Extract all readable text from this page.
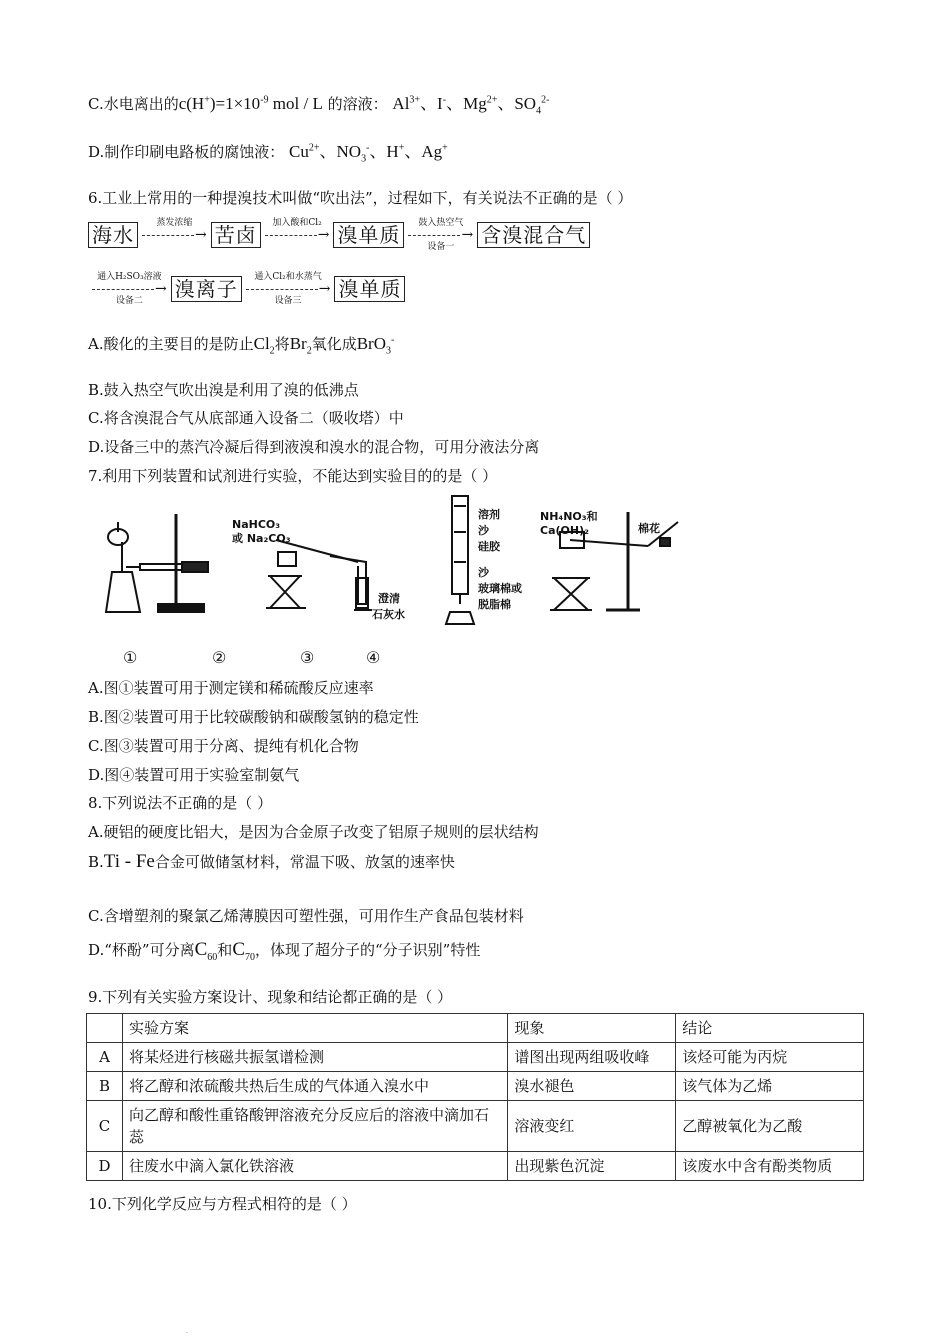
C.水电离出的$c(H^+)=1\times 10^{-9}$ mol / L 的溶液： $Al^{3+}$、I-、$Mg^{2+}$、$SO_4^{2-}$
D.制作印刷电路板的腐蚀液： $Cu^{2+}$、$NO_3^-$、H+、Ag+
6.工业上常用的一种提溴技术叫做“吹出法”，过程如下，有关说法不正确的是（ ）
海水	蒸发浓缩
→ 苦卤	加入酸和Cl₂
→ 溴单质	鼓入热空气
→
设备一 含溴混合气
通入H₂SO₃溶液
→
设备二 溴离子	通入Cl₂和水蒸气
→
设备三 溴单质
A.酸化的主要目的是防止$Cl_2$将$Br_2$氧化成BrO$_3$-
B.鼓入热空气吹出溴是利用了溴的低沸点
C.将含溴混合气从底部通入设备二（吸收塔）中
D.设备三中的蒸汽冷凝后得到液溴和溴水的混合物，可用分液法分离
7.利用下列装置和试剂进行实验，不能达到实验目的的是（ ）
NaHCO₃
或 Na₂CO₃
澄清
石灰水
溶剂
沙
硅胶
沙
玻璃棉或
脱脂棉
NH₄NO₃和
Ca(OH)₂	棉花
①	②	③	④
A.图①装置可用于测定镁和稀硫酸反应速率
B.图②装置可用于比较碳酸钠和碳酸氢钠的稳定性
C.图③装置可用于分离、提纯有机化合物
D.图④装置可用于实验室制氨气
8.下列说法不正确的是（ ）
A.硬铝的硬度比铝大，是因为合金原子改变了铝原子规则的层状结构
B.Ti - Fe合金可做储氢材料，常温下吸、放氢的速率快
C.含增塑剂的聚氯乙烯薄膜因可塑性强，可用作生产食品包装材料
D.“杯酚”可分离$C_{60}$和$C_{70}$，体现了超分子的“分子识别”特性
9.下列有关实验方案设计、现象和结论都正确的是（ ）
	实验方案	现象	结论
A	将某烃进行核磁共振氢谱检测	谱图出现两组吸收峰	该烃可能为丙烷
B	将乙醇和浓硫酸共热后生成的气体通入溴水中	溴水褪色	该气体为乙烯
C	向乙醇和酸性重铬酸钾溶液充分反应后的溶液中滴加石蕊	溶液变红	乙醇被氧化为乙酸
D	往废水中滴入氯化铁溶液	出现紫色沉淀	该废水中含有酚类物质
10.下列化学反应与方程式相符的是（ ）
·
